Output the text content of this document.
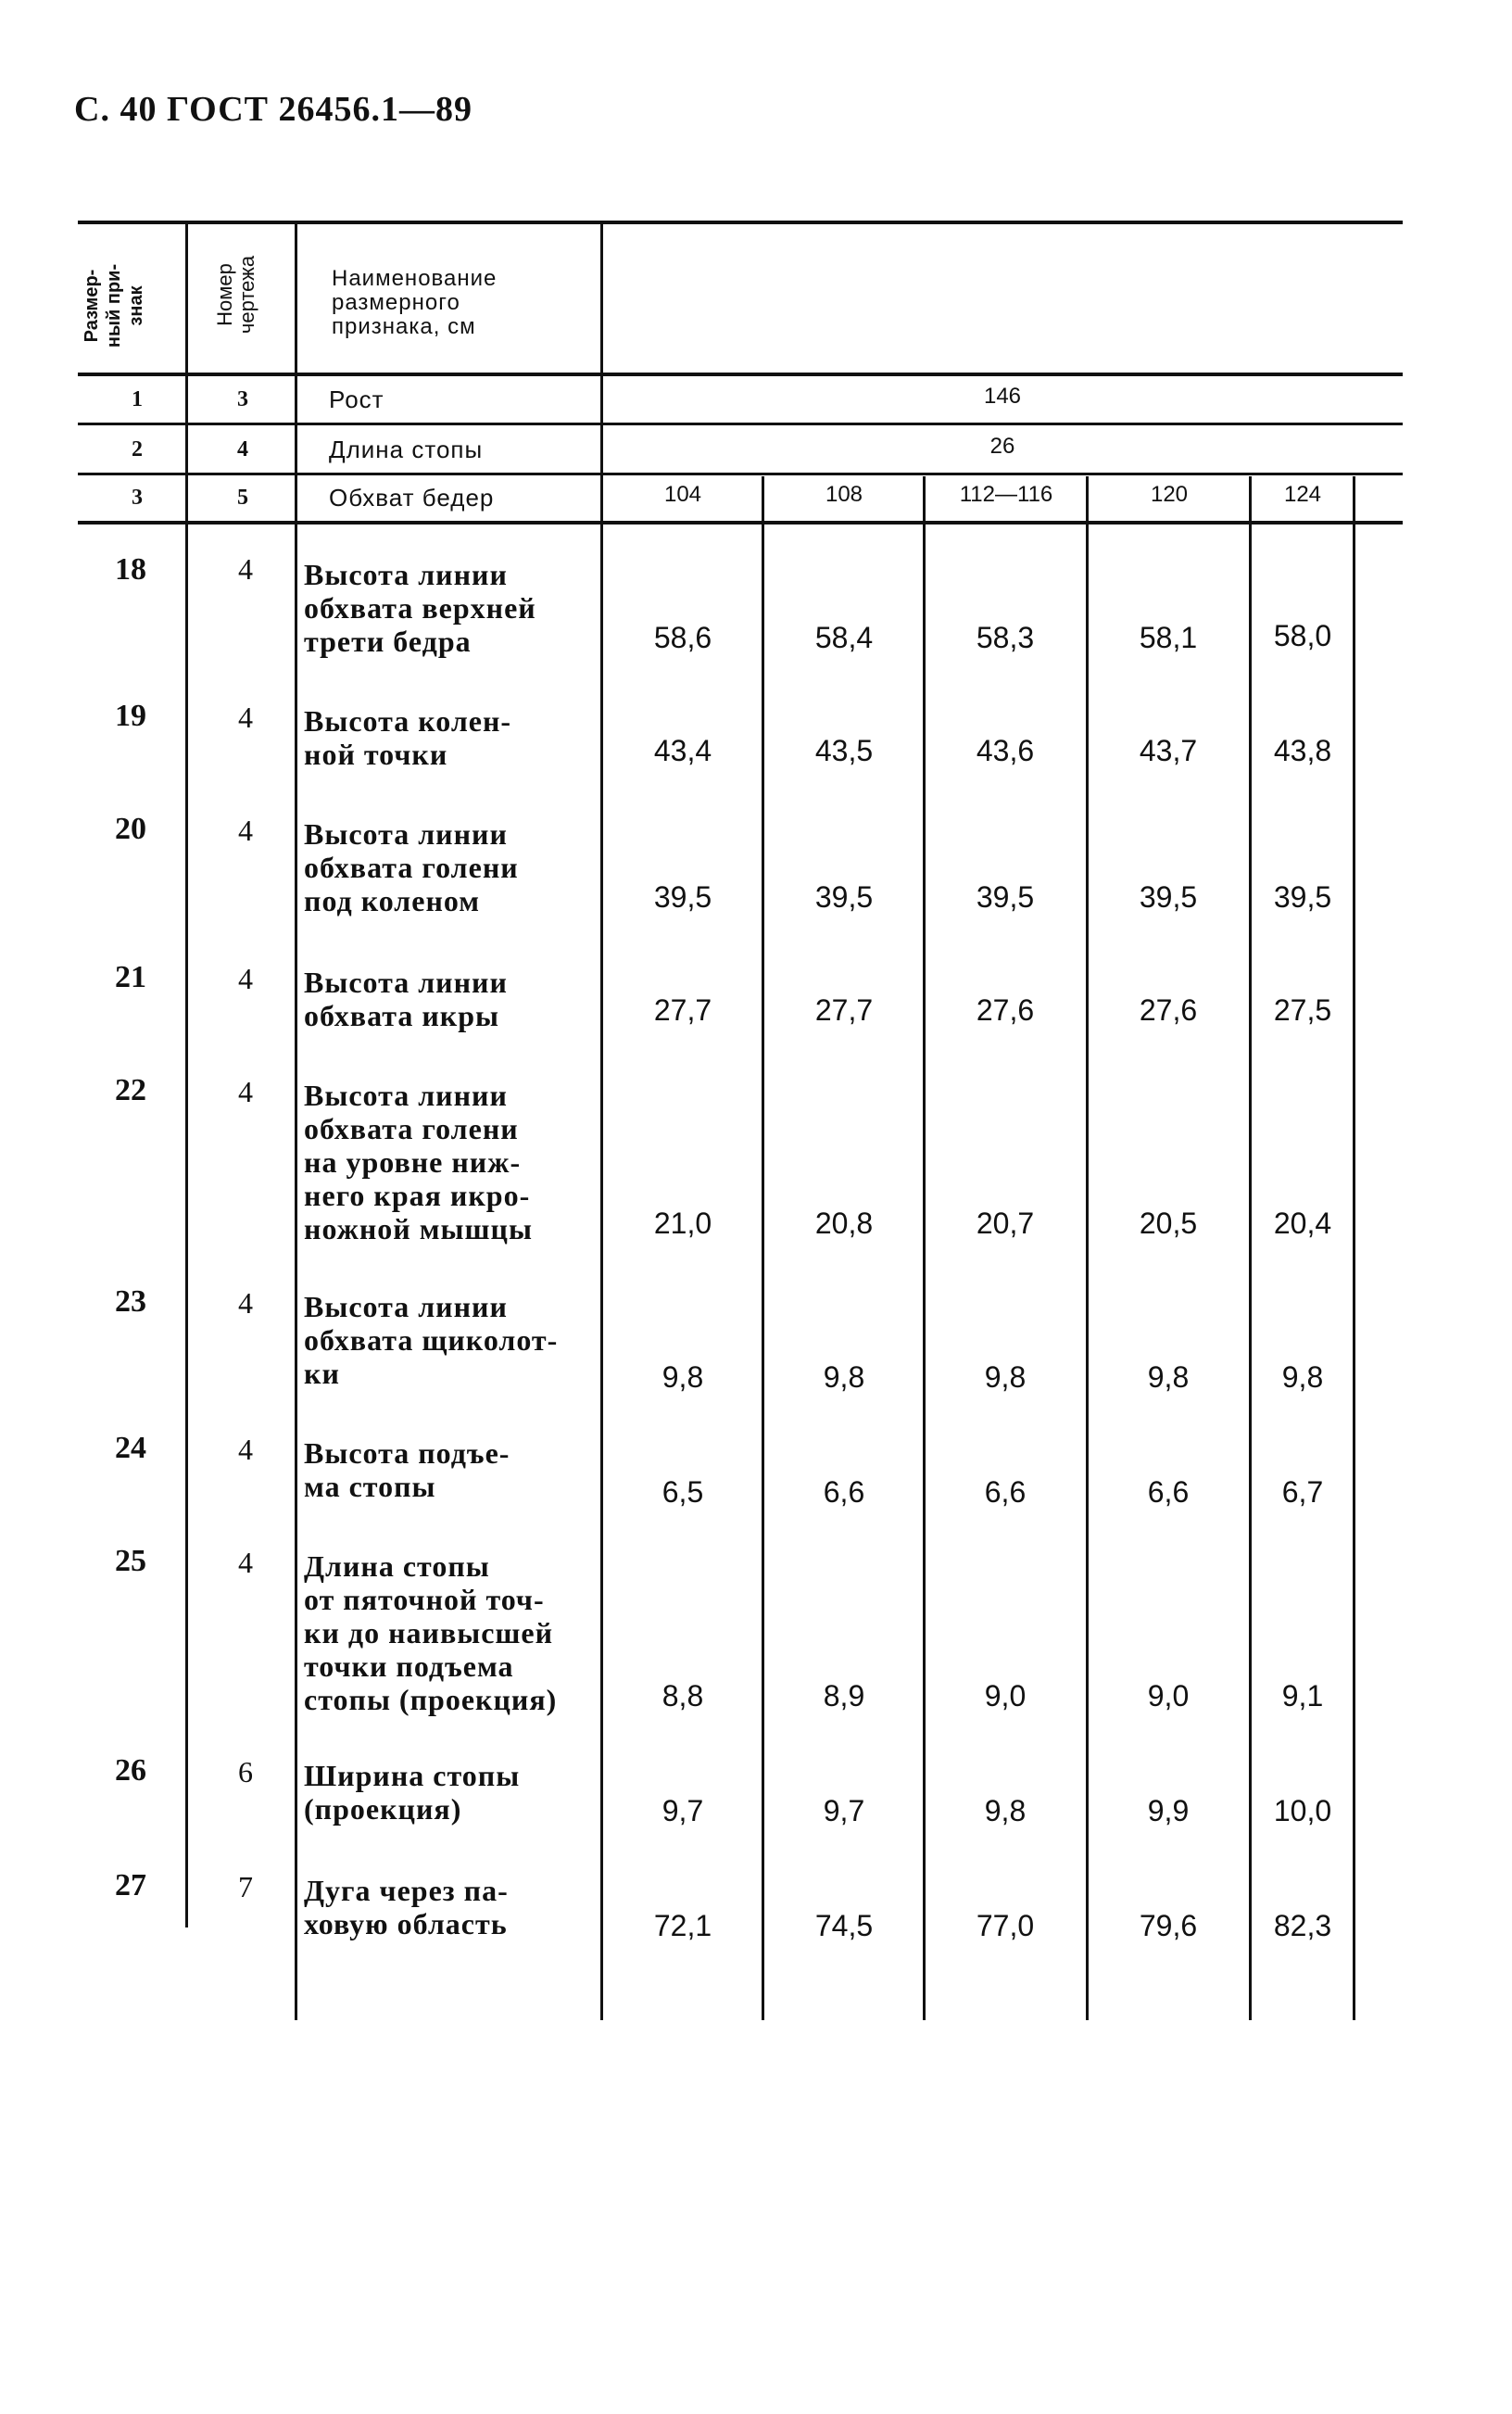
С. 40 ГОСТ 26456.1—89
Размер-
ный при-
знак	Номер
чертежа	Наименование
размерного
признака, см
1	3	Рост	146
2	4	Длина стопы	26
3	5	Обхват бедер	104	108	112—116	120	124
18	4	Высота линии
обхвата верхней
трети бедра	58,6	58,4	58,3	58,1	58,0
19	4	Высота колен-
ной точки	43,4	43,5	43,6	43,7	43,8
20	4	Высота линии
обхвата голени
под коленом	39,5	39,5	39,5	39,5	39,5
21	4	Высота линии
обхвата икры	27,7	27,7	27,6	27,6	27,5
22	4	Высота линии
обхвата голени
на уровне ниж-
него края икро-
ножной мышцы	21,0	20,8	20,7	20,5	20,4
23	4	Высота линии
обхвата щиколот-
ки	9,8	9,8	9,8	9,8	9,8
24	4	Высота подъе-
ма стопы	6,5	6,6	6,6	6,6	6,7
25	4	Длина стопы
от пяточной точ-
ки до наивысшей
точки подъема
стопы (проекция)	8,8	8,9	9,0	9,0	9,1
26	6	Ширина стопы
(проекция)	9,7	9,7	9,8	9,9	10,0
27	7	Дуга через па-
ховую область	72,1	74,5	77,0	79,6	82,3
